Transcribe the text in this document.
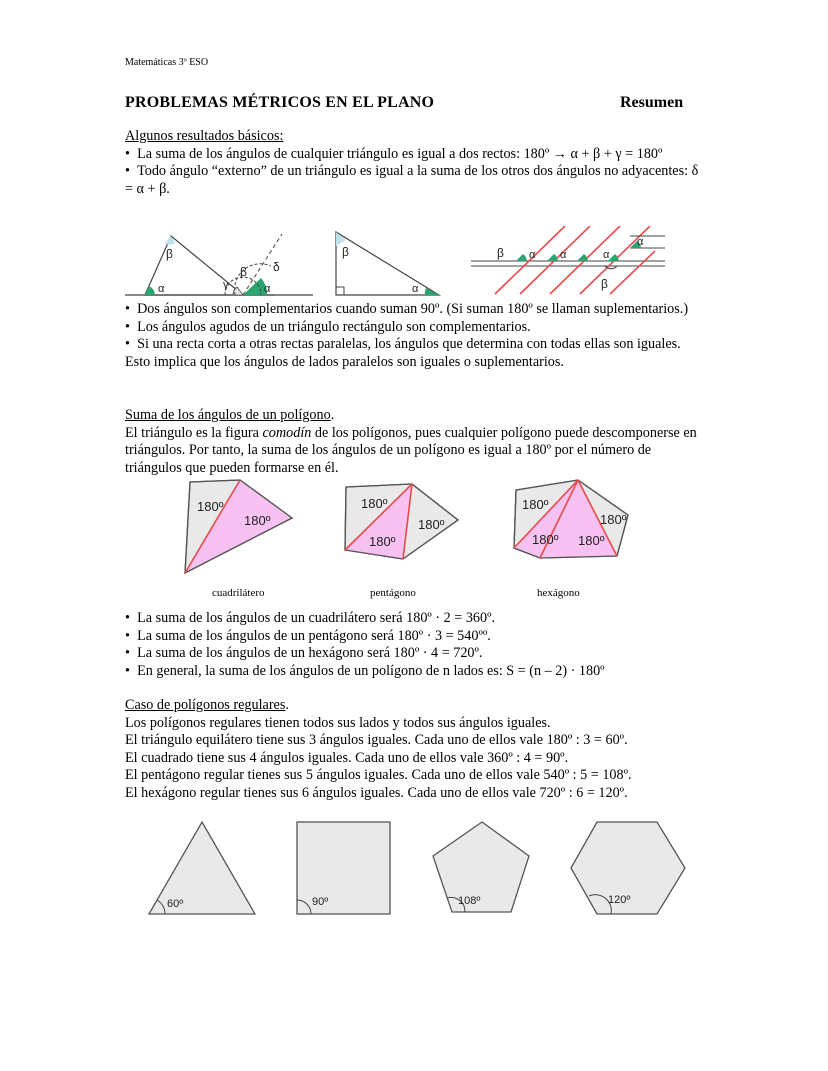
Matemáticas 3º ESO
PROBLEMAS MÉTRICOS EN EL PLANO	Resumen
Algunos resultados básicos:
•  La suma de los ángulos de cualquier triángulo es igual a dos rectos: 180º → α + β + γ = 180º
•  Todo ángulo “externo” de un triángulo es igual a la suma de los otros dos ángulos no adyacentes: δ = α + β.
α
β
γ
β
α
δ
β
α
β α α	α
α
β
•  Dos ángulos son complementarios cuando suman 90º. (Si suman 180º se llaman suplementarios.)
•  Los ángulos agudos de un triángulo rectángulo son complementarios.
•  Si una recta corta a otras rectas paralelas, los ángulos que determina con todas ellas son iguales. Esto implica que los ángulos de lados paralelos son iguales o suplementarios.
Suma de los ángulos de un polígono.
El triángulo es la figura comodín de los polígonos, pues cualquier polígono puede descomponerse en triángulos. Por tanto, la suma de los ángulos de un polígono es igual a 180º por el número de triángulos que pueden formarse en él.
180º
180º
180º
180º
180º
180º
180º
180º 180º
cuadrilátero	pentágono	hexágono
•  La suma de los ángulos de un cuadrilátero será 180º · 2 = 360º.
•  La suma de los ángulos de un pentágono será 180º · 3 = 540ºº.
•  La suma de los ángulos de un hexágono será 180º · 4 = 720º.
•  En general, la suma de los ángulos de un polígono de n lados es: S = (n – 2) · 180º
Caso de polígonos regulares.
Los polígonos regulares tienen todos sus lados y todos sus ángulos iguales.
El triángulo equilátero tiene sus 3 ángulos iguales. Cada uno de ellos vale 180º : 3 = 60º.
El cuadrado tiene sus 4 ángulos iguales. Cada uno de ellos vale 360º : 4 = 90º.
El pentágono regular tienes sus 5 ángulos iguales. Cada uno de ellos vale 540º : 5 = 108º.
El hexágono regular tienes sus 6 ángulos iguales. Cada uno de ellos vale 720º : 6 = 120º.
60º	90º	108º	120º
